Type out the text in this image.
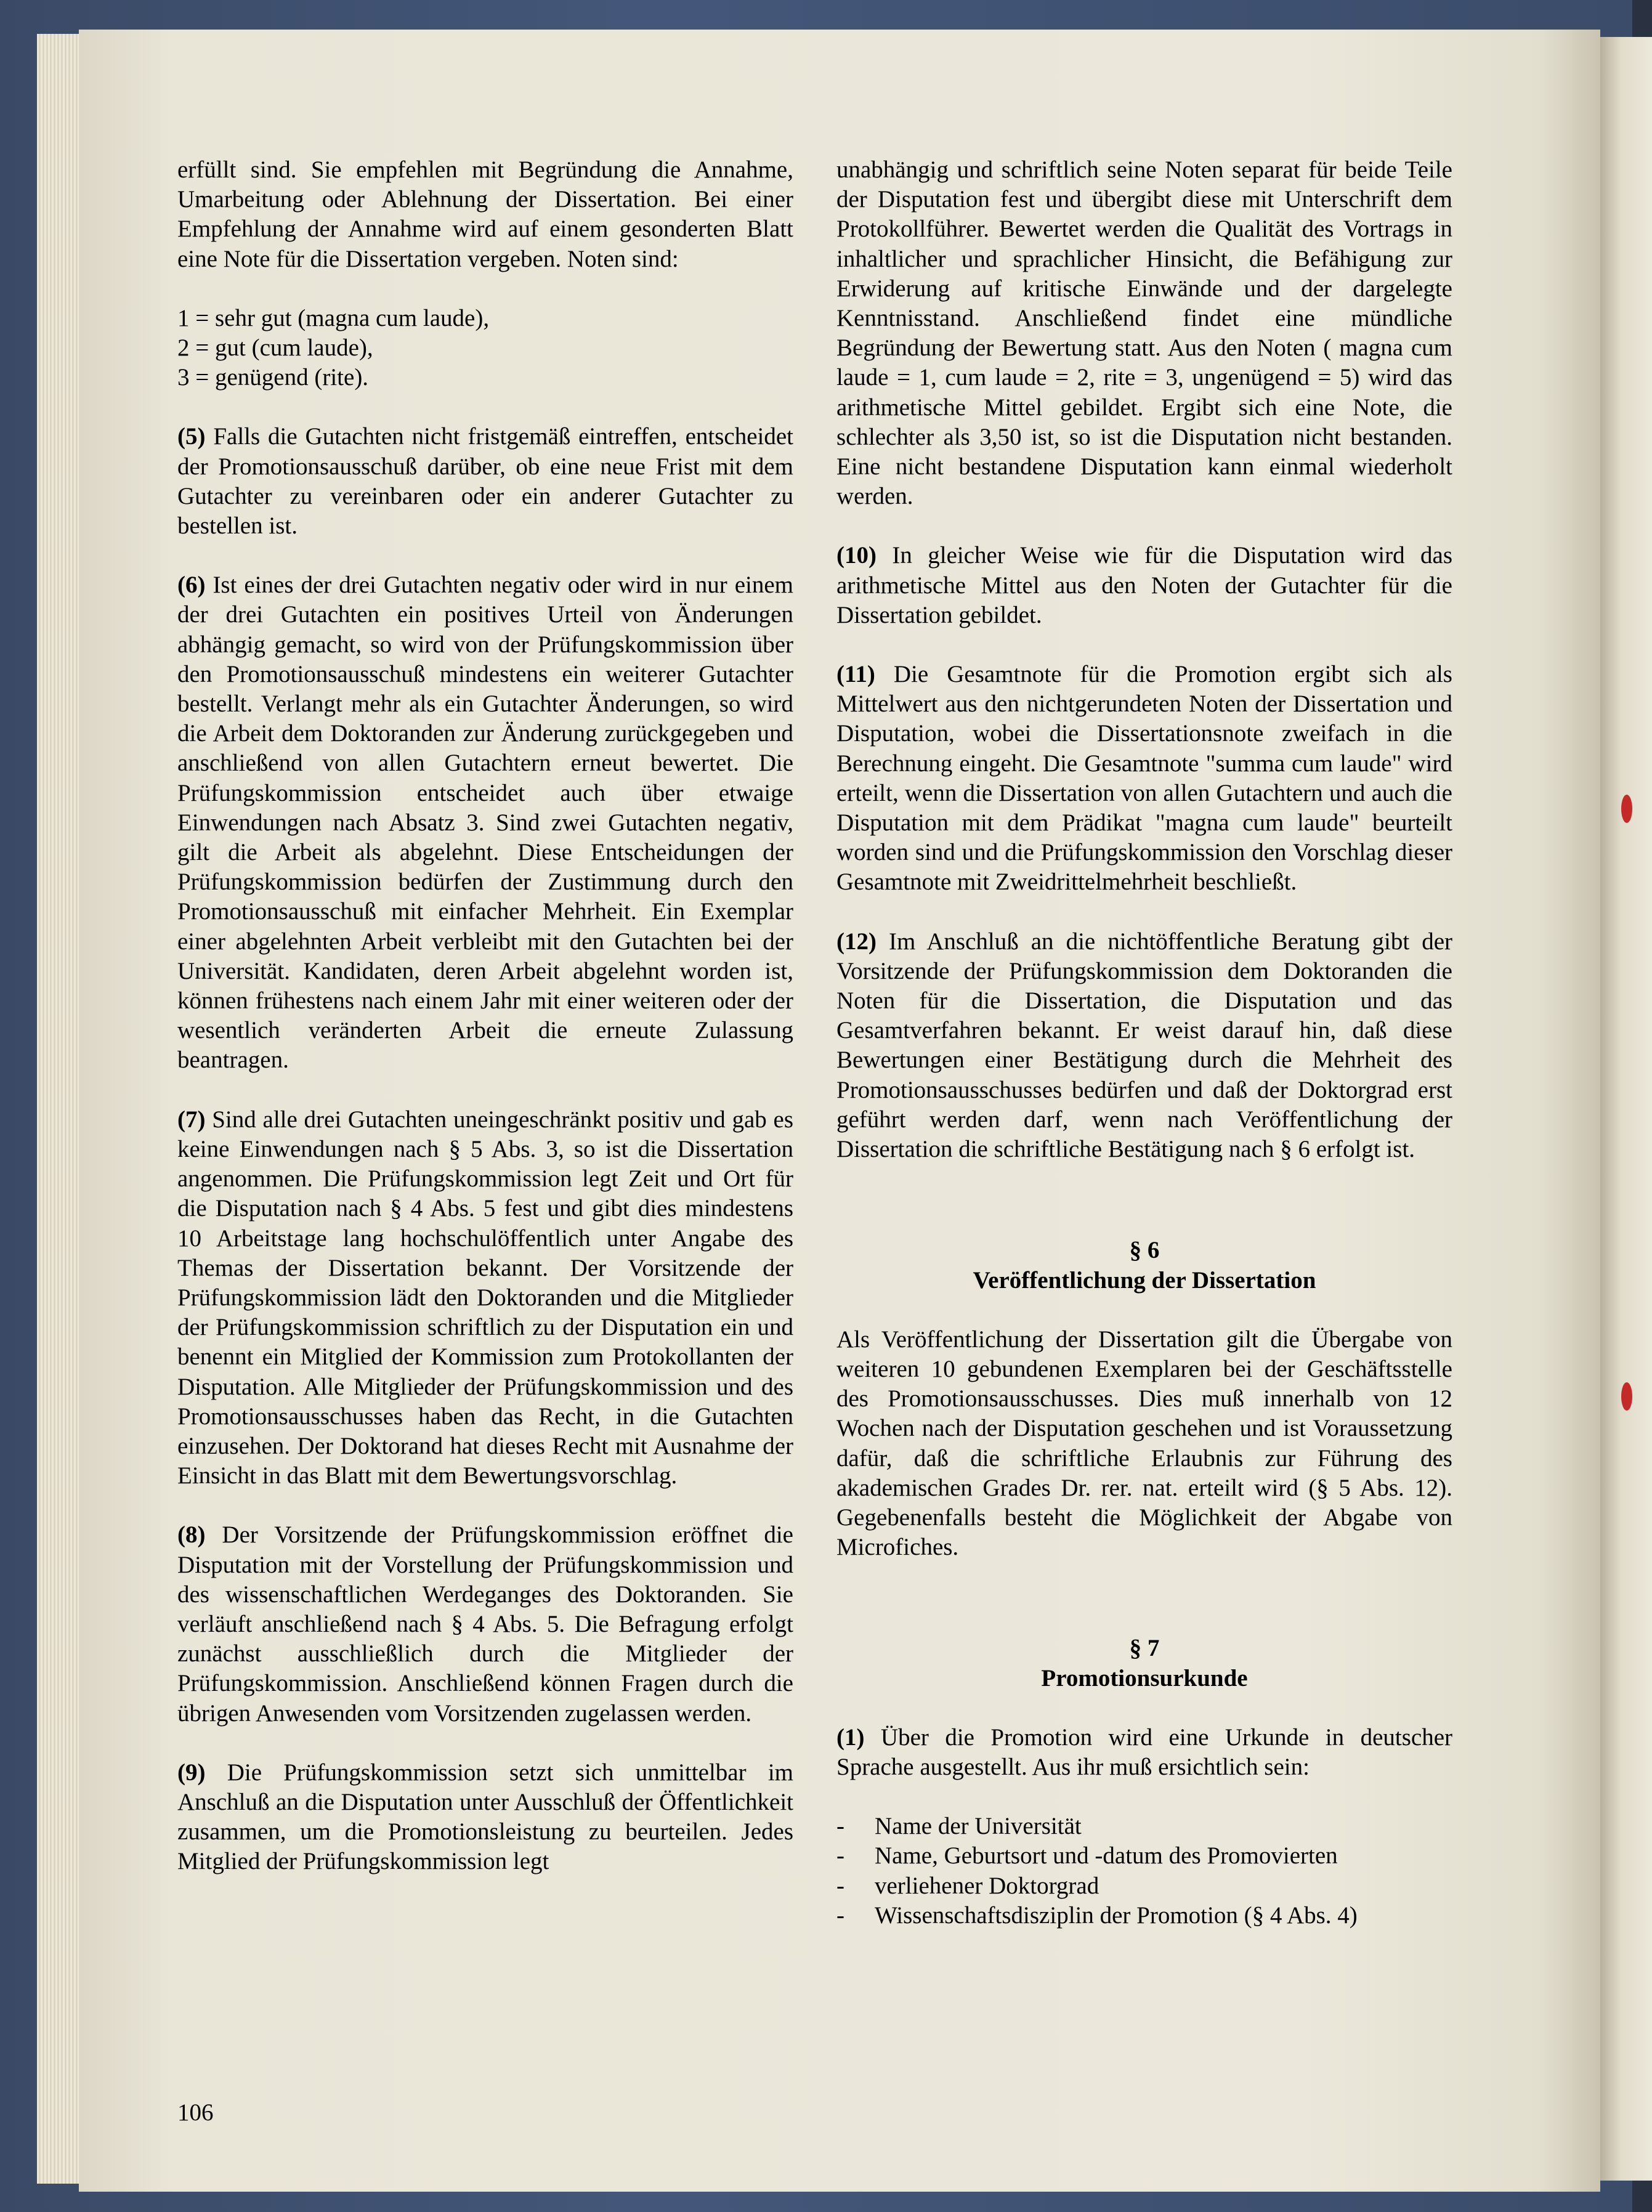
erfüllt sind. Sie empfehlen mit Begründung die Annahme, Umarbeitung oder Ablehnung der Dissertation. Bei einer Empfehlung der Annahme wird auf einem gesonderten Blatt eine Note für die Dissertation vergeben. Noten sind:

1 = sehr gut (magna cum laude),

2 = gut (cum laude),

3 = genügend (rite).

(5) Falls die Gutachten nicht fristgemäß eintreffen, entscheidet der Promotionsausschuß darüber, ob eine neue Frist mit dem Gutachter zu vereinbaren oder ein anderer Gutachter zu bestellen ist.

(6) Ist eines der drei Gutachten negativ oder wird in nur einem der drei Gutachten ein positives Urteil von Änderungen abhängig gemacht, so wird von der Prüfungskommission über den Promotionsausschuß mindestens ein weiterer Gutachter bestellt. Verlangt mehr als ein Gutachter Änderungen, so wird die Arbeit dem Doktoranden zur Änderung zurückgegeben und anschließend von allen Gutachtern erneut bewertet. Die Prüfungskommission entscheidet auch über etwaige Einwendungen nach Absatz 3. Sind zwei Gutachten negativ, gilt die Arbeit als abgelehnt. Diese Entscheidungen der Prüfungskommission bedürfen der Zustimmung durch den Promotionsausschuß mit einfacher Mehrheit. Ein Exemplar einer abgelehnten Arbeit verbleibt mit den Gutachten bei der Universität. Kandidaten, deren Arbeit abgelehnt worden ist, können frühestens nach einem Jahr mit einer weiteren oder der wesentlich veränderten Arbeit die erneute Zulassung beantragen.

(7) Sind alle drei Gutachten uneingeschränkt positiv und gab es keine Einwendungen nach § 5 Abs. 3, so ist die Dissertation angenommen. Die Prüfungskommission legt Zeit und Ort für die Disputation nach § 4 Abs. 5 fest und gibt dies mindestens 10 Arbeitstage lang hochschulöffentlich unter Angabe des Themas der Dissertation bekannt. Der Vorsitzende der Prüfungskommission lädt den Doktoranden und die Mitglieder der Prüfungskommission schriftlich zu der Disputation ein und benennt ein Mitglied der Kommission zum Protokollanten der Disputation. Alle Mitglieder der Prüfungskommission und des Promotionsausschusses haben das Recht, in die Gutachten einzusehen. Der Doktorand hat dieses Recht mit Ausnahme der Einsicht in das Blatt mit dem Bewertungsvorschlag.

(8) Der Vorsitzende der Prüfungskommission eröffnet die Disputation mit der Vorstellung der Prüfungskommission und des wissenschaftlichen Werdeganges des Doktoranden. Sie verläuft anschließend nach § 4 Abs. 5. Die Befragung erfolgt zunächst ausschließlich durch die Mitglieder der Prüfungskommission. Anschließend können Fragen durch die übrigen Anwesenden vom Vorsitzenden zugelassen werden.

(9) Die Prüfungskommission setzt sich unmittelbar im Anschluß an die Disputation unter Ausschluß der Öffentlichkeit zusammen, um die Promotionsleistung zu beurteilen. Jedes Mitglied der Prüfungskommission legt

unabhängig und schriftlich seine Noten separat für beide Teile der Disputation fest und übergibt diese mit Unterschrift dem Protokollführer. Bewertet werden die Qualität des Vortrags in inhaltlicher und sprachlicher Hinsicht, die Befähigung zur Erwiderung auf kritische Einwände und der dargelegte Kenntnisstand. Anschließend findet eine mündliche Begründung der Bewertung statt. Aus den Noten ( magna cum laude = 1, cum laude = 2, rite = 3, ungenügend = 5) wird das arithmetische Mittel gebildet. Ergibt sich eine Note, die schlechter als 3,50 ist, so ist die Disputation nicht bestanden. Eine nicht bestandene Disputation kann einmal wiederholt werden.

(10) In gleicher Weise wie für die Disputation wird das arithmetische Mittel aus den Noten der Gutachter für die Dissertation gebildet.

(11) Die Gesamtnote für die Promotion ergibt sich als Mittelwert aus den nichtgerundeten Noten der Dissertation und Disputation, wobei die Dissertationsnote zweifach in die Berechnung eingeht. Die Gesamtnote "summa cum laude" wird erteilt, wenn die Dissertation von allen Gutachtern und auch die Disputation mit dem Prädikat "magna cum laude" beurteilt worden sind und die Prüfungskommission den Vorschlag dieser Gesamtnote mit Zweidrittelmehrheit beschließt.

(12) Im Anschluß an die nichtöffentliche Beratung gibt der Vorsitzende der Prüfungskommission dem Doktoranden die Noten für die Dissertation, die Disputation und das Gesamtverfahren bekannt. Er weist darauf hin, daß diese Bewertungen einer Bestätigung durch die Mehrheit des Promotionsausschusses bedürfen und daß der Doktorgrad erst geführt werden darf, wenn nach Veröffentlichung der Dissertation die schriftliche Bestätigung nach § 6 erfolgt ist.

§ 6

Veröffentlichung der Dissertation

Als Veröffentlichung der Dissertation gilt die Übergabe von weiteren 10 gebundenen Exemplaren bei der Geschäftsstelle des Promotionsausschusses. Dies muß innerhalb von 12 Wochen nach der Disputation geschehen und ist Voraussetzung dafür, daß die schriftliche Erlaubnis zur Führung des akademischen Grades Dr. rer. nat. erteilt wird (§ 5 Abs. 12). Gegebenenfalls besteht die Möglichkeit der Abgabe von Microfiches.

§ 7

Promotionsurkunde

(1) Über die Promotion wird eine Urkunde in deutscher Sprache ausgestellt. Aus ihr muß ersichtlich sein:

-	Name der Universität
-	Name, Geburtsort und -datum des Promovierten
-	verliehener Doktorgrad
-	Wissenschaftsdisziplin der Promotion (§ 4 Abs. 4)
106
